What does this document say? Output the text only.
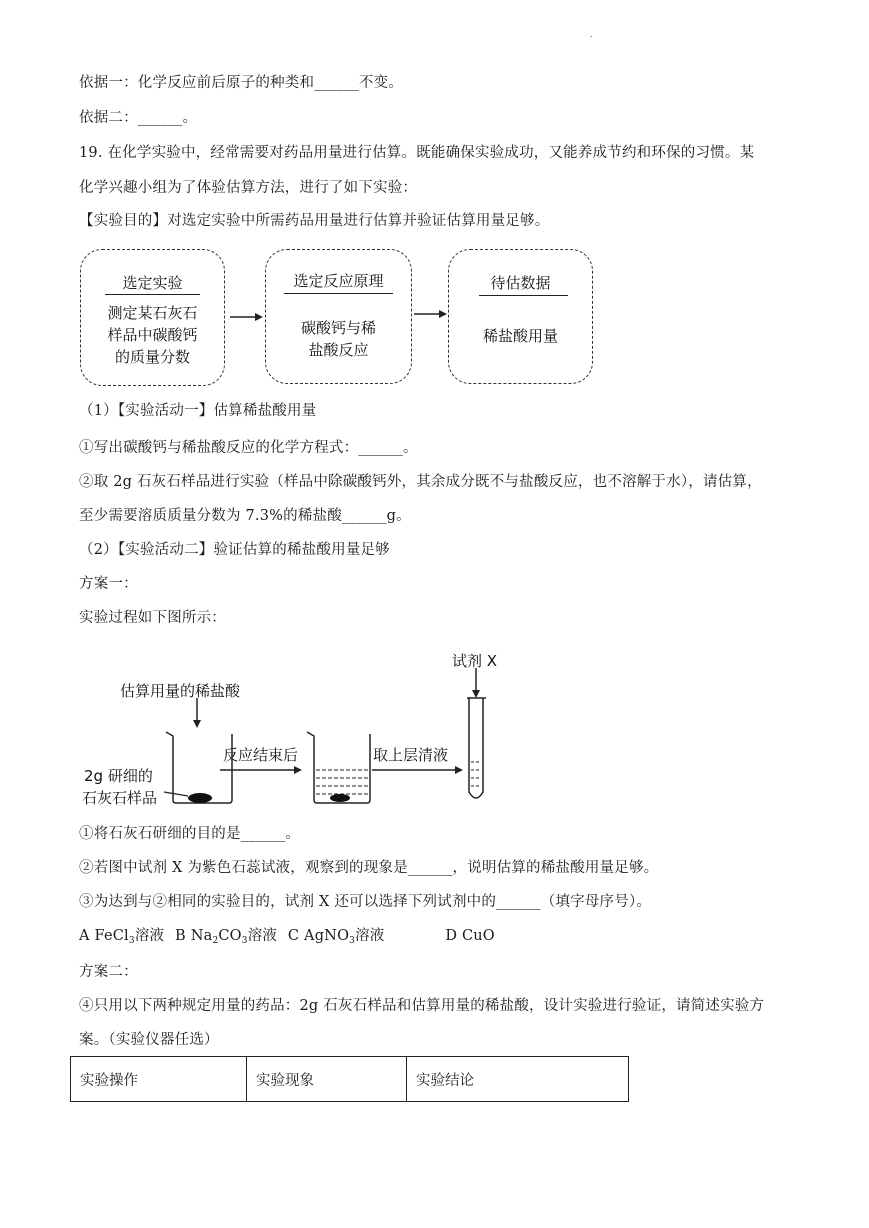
.
依据一：化学反应前后原子的种类和______不变。
依据二：______。
19. 在化学实验中，经常需要对药品用量进行估算。既能确保实验成功，又能养成节约和环保的习惯。某
化学兴趣小组为了体验估算方法，进行了如下实验：
【实验目的】对选定实验中所需药品用量进行估算并验证估算用量足够。
选定实验
测定某石灰石
样品中碳酸钙
的质量分数
选定反应原理
碳酸钙与稀
盐酸反应
待估数据
稀盐酸用量
（1）【实验活动一】估算稀盐酸用量
①写出碳酸钙与稀盐酸反应的化学方程式：______。
②取 2g 石灰石样品进行实验（样品中除碳酸钙外，其余成分既不与盐酸反应，也不溶解于水），请估算，
至少需要溶质质量分数为 7.3%的稀盐酸______g。
（2）【实验活动二】验证估算的稀盐酸用量足够
方案一：
实验过程如下图所示：
估算用量的稀盐酸
2g 研细的
石灰石样品
反应结束后	取上层清液
试剂 X
①将石灰石研细的目的是______。
②若图中试剂 X 为紫色石蕊试液，观察到的现象是______，说明估算的稀盐酸用量足够。
③为达到与②相同的实验目的，试剂 X 还可以选择下列试剂中的______（填字母序号）。
A FeCl$_3$溶液 B $Na_2CO_3$溶液 C AgNO$_3$溶液	D CuO
方案二：
④只用以下两种规定用量的药品：2g 石灰石样品和估算用量的稀盐酸，设计实验进行验证，请简述实验方
案。（实验仪器任选）
实验操作	实验现象	实验结论
